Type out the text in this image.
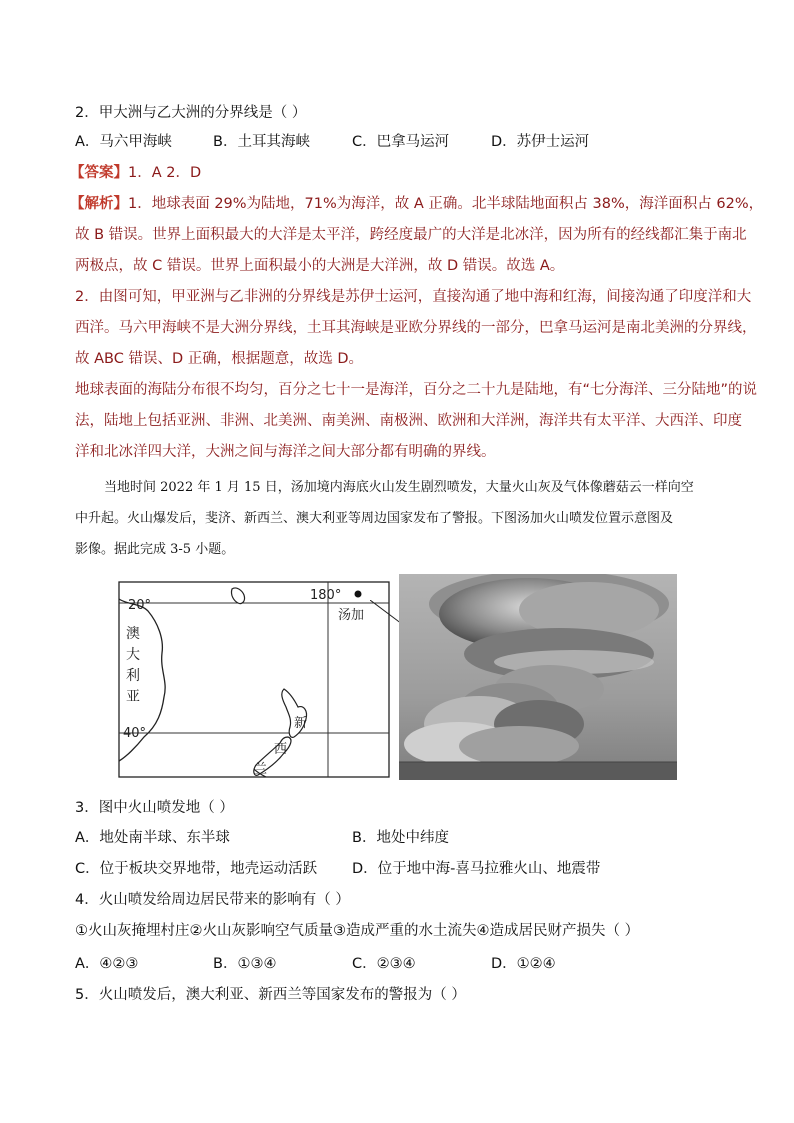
2．甲大洲与乙大洲的分界线是（ ）
A．马六甲海峡	B．土耳其海峡	C．巴拿马运河	D．苏伊士运河
【答案】1．A 2．D
【解析】1．地球表面 29%为陆地，71%为海洋，故 A 正确。北半球陆地面积占 38%，海洋面积占 62%，
故 B 错误。世界上面积最大的大洋是太平洋，跨经度最广的大洋是北冰洋，因为所有的经线都汇集于南北
两极点，故 C 错误。世界上面积最小的大洲是大洋洲，故 D 错误。故选 A。
2．由图可知，甲亚洲与乙非洲的分界线是苏伊士运河，直接沟通了地中海和红海，间接沟通了印度洋和大
西洋。马六甲海峡不是大洲分界线，土耳其海峡是亚欧分界线的一部分，巴拿马运河是南北美洲的分界线，
故 ABC 错误、D 正确，根据题意，故选 D。
地球表面的海陆分布很不均匀，百分之七十一是海洋，百分之二十九是陆地，有“七分海洋、三分陆地”的说
法，陆地上包括亚洲、非洲、北美洲、南美洲、南极洲、欧洲和大洋洲，海洋共有太平洋、大西洋、印度
洋和北冰洋四大洋，大洲之间与海洋之间大部分都有明确的界线。
当地时间 2022 年 1 月 15 日，汤加境内海底火山发生剧烈喷发，大量火山灰及气体像蘑菇云一样向空
中升起。火山爆发后，斐济、新西兰、澳大利亚等周边国家发布了警报。下图汤加火山喷发位置示意图及
影像。据此完成 3-5 小题。
20°
40°
180°
汤加
澳
大
利
亚
新
西
兰
3．图中火山喷发地（ ）
A．地处南半球、东半球	B．地处中纬度
C．位于板块交界地带，地壳运动活跃 D．位于地中海-喜马拉雅火山、地震带
4．火山喷发给周边居民带来的影响有（ ）
①火山灰掩埋村庄②火山灰影响空气质量③造成严重的水土流失④造成居民财产损失（ ）
A．④②③	B．①③④	C．②③④	D．①②④
5．火山喷发后，澳大利亚、新西兰等国家发布的警报为（ ）
